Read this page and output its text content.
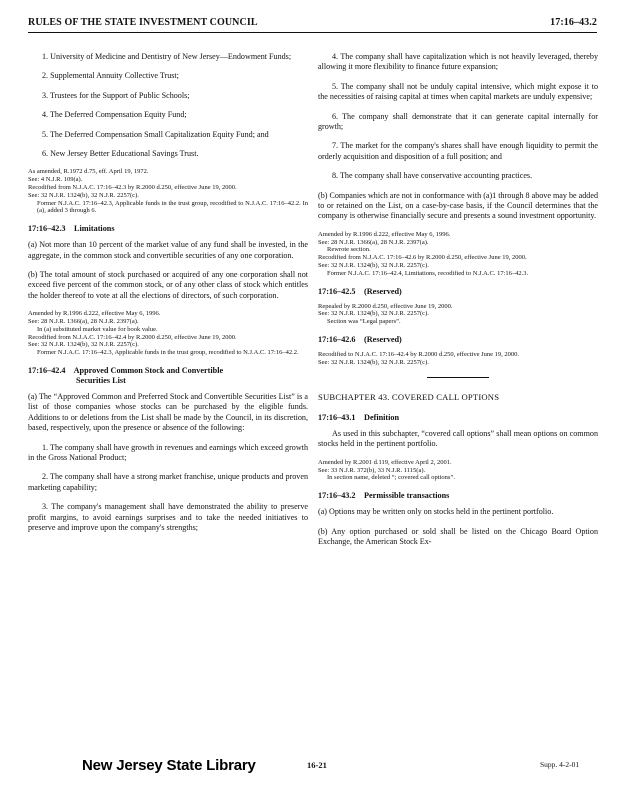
RULES OF THE STATE INVESTMENT COUNCIL	17:16–43.2

1. University of Medicine and Dentistry of New Jersey—Endowment Funds;

2. Supplemental Annuity Collective Trust;

3. Trustees for the Support of Public Schools;

4. The Deferred Compensation Equity Fund;

5. The Deferred Compensation Small Capitalization Equity Fund; and

6. New Jersey Better Educational Savings Trust.

As amended, R.1972 d.75, eff. April 19, 1972.
See: 4 N.J.R. 109(a).
Recodified from N.J.A.C. 17:16–42.3 by R.2000 d.250, effective June 19, 2000.
See: 32 N.J.R. 1324(b), 32 N.J.R. 2257(c).
Former N.J.A.C. 17:16–42.3, Applicable funds in the trust group, recodified to N.J.A.C. 17:16–42.2. In (a), added 3 through 6.
17:16–42.3 Limitations

(a) Not more than 10 percent of the market value of any fund shall be invested, in the aggregate, in the common stock and convertible securities of any one corporation.

(b) The total amount of stock purchased or acquired of any one corporation shall not exceed five percent of the common stock, or of any other class of stock which entitles the holder thereof to vote at all the elections of directors, of such corporation.

Amended by R.1996 d.222, effective May 6, 1996.
See: 28 N.J.R. 1366(a), 28 N.J.R. 2397(a).
In (a) substituted market value for book value.
Recodified from N.J.A.C. 17:16–42.4 by R.2000 d.250, effective June 19, 2000.
See: 32 N.J.R. 1324(b), 32 N.J.R. 2257(c).
Former N.J.A.C. 17:16–42.3, Applicable funds in the trust group, recodified to N.J.A.C. 17:16–42.2.
17:16–42.4 Approved Common Stock and Convertible
Securities List

(a) The “Approved Common and Preferred Stock and Convertible Securities List” is a list of those companies whose stocks can be purchased by the eligible funds. Additions to or deletions from the List shall be made by the Council, in its discretion, based, respectively, upon the presence or absence of the following:

1. The company shall have growth in revenues and earnings which exceed growth in the Gross National Product;

2. The company shall have a strong market franchise, unique products and proven marketing capability;

3. The company's management shall have demonstrated the ability to preserve profit margins, to avoid earnings surprises and to take the needed initiatives to preserve and improve upon the company's strengths;

4. The company shall have capitalization which is not heavily leveraged, thereby allowing it more flexibility to finance future expansion;

5. The company shall not be unduly capital intensive, which might expose it to the necessities of raising capital at times when capital markets are unduly expensive;

6. The company shall demonstrate that it can generate capital internally for growth;

7. The market for the company's shares shall have enough liquidity to permit the orderly acquisition and disposition of a full position; and

8. The company shall have conservative accounting practices.

(b) Companies which are not in conformance with (a)1 through 8 above may be added to or retained on the List, on a case-by-case basis, if the Council determines that the company is otherwise financially secure and presents a sound investment opportunity.

Amended by R.1996 d.222, effective May 6, 1996.
See: 28 N.J.R. 1366(a), 28 N.J.R. 2397(a).
Rewrote section.
Recodified from N.J.A.C. 17:16–42.6 by R.2000 d.250, effective June 19, 2000.
See: 32 N.J.R. 1324(b), 32 N.J.R. 2257(c).
Former N.J.A.C. 17:16–42.4, Limitations, recodified to N.J.A.C. 17:16–42.3.
17:16–42.5 (Reserved)
Repealed by R.2000 d.250, effective June 19, 2000.
See: 32 N.J.R. 1324(b), 32 N.J.R. 2257(c).
Section was “Legal papers”.
17:16–42.6 (Reserved)
Recodified to N.J.A.C. 17:16–42.4 by R.2000 d.250, effective June 19, 2000.
See: 32 N.J.R. 1324(b), 32 N.J.R. 2257(c).
SUBCHAPTER 43. COVERED CALL OPTIONS
17:16–43.1 Definition

As used in this subchapter, “covered call options” shall mean options on common stocks held in the pertinent portfolio.

Amended by R.2001 d.119, effective April 2, 2001.
See: 33 N.J.R. 372(b), 33 N.J.R. 1115(a).
In section name, deleted “; covered call options”.
17:16–43.2 Permissible transactions

(a) Options may be written only on stocks held in the pertinent portfolio.

(b) Any option purchased or sold shall be listed on the Chicago Board Option Exchange, the American Stock Ex-

New Jersey State Library	16-21	Supp. 4-2-01
